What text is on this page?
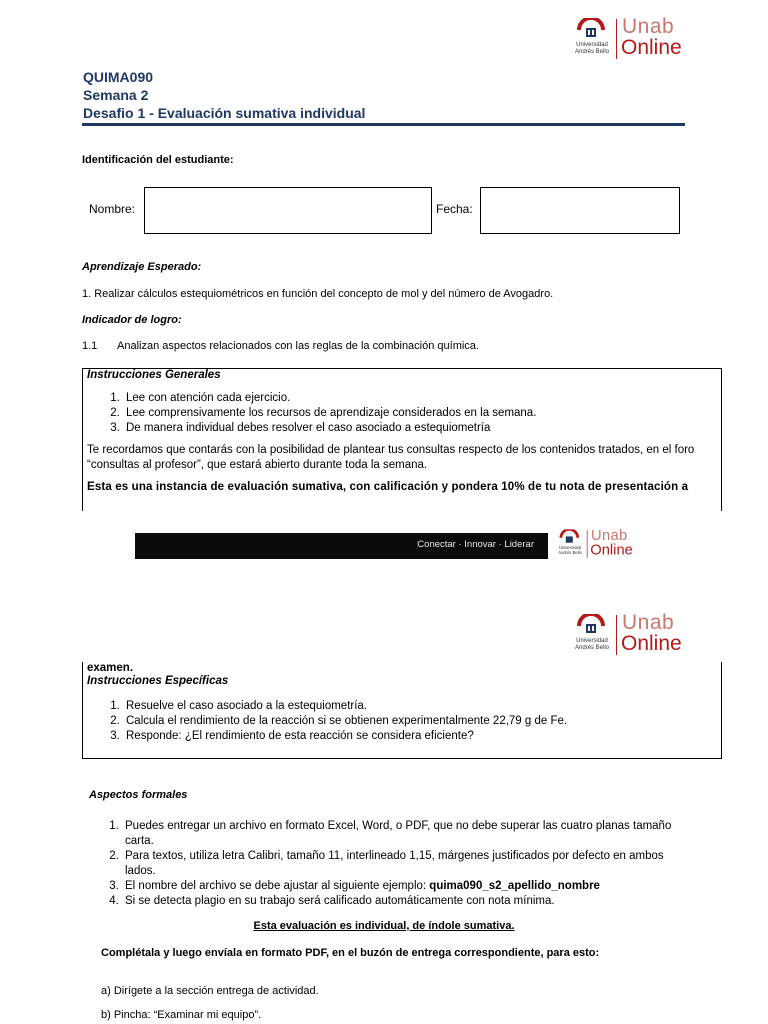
Universidad
Andrés Bello
Unab
Online
QUIMA090
Semana 2
Desafio 1 - Evaluación sumativa individual
Identificación del estudiante:
Nombre:	Fecha:
Aprendizaje Esperado:
1. Realizar cálculos estequiométricos en función del concepto de mol y del número de Avogadro.
Indicador de logro:
1.1 Analizan aspectos relacionados con las reglas de la combinación química.
Instrucciones Generales
1. Lee con atención cada ejercicio.
2. Lee comprensivamente los recursos de aprendizaje considerados en la semana.
3. De manera individual debes resolver el caso asociado a estequiometría
Te recordamos que contarás con la posibilidad de plantear tus consultas respecto de los contenidos tratados, en el foro “consultas al profesor”, que estará abierto durante toda la semana.
Esta es una instancia de evaluación sumativa, con calificación y pondera 10% de tu nota de presentación a
Conectar · Innovar · Liderar	Universidad
Andrés Bello
Unab
Online
Universidad
Andrés Bello
Unab
Online
examen.
Instrucciones Específicas
1. Resuelve el caso asociado a la estequiometría.
2. Calcula el rendimiento de la reacción si se obtienen experimentalmente 22,79 g de Fe.
3. Responde: ¿El rendimiento de esta reacción se considera eficiente?
Aspectos formales
1. Puedes entregar un archivo en formato Excel, Word, o PDF, que no debe superar las cuatro planas tamaño carta.
2. Para textos, utiliza letra Calibri, tamaño 11, interlineado 1,15, márgenes justificados por defecto en ambos lados.
3. El nombre del archivo se debe ajustar al siguiente ejemplo: quima090_s2_apellido_nombre
4. Si se detecta plagio en su trabajo será calificado automáticamente con nota mínima.
Esta evaluación es individual, de índole sumativa.
Complétala y luego envíala en formato PDF, en el buzón de entrega correspondiente, para esto:
a) Dirígete a la sección entrega de actividad.
b) Pincha: “Examinar mi equipo”.
